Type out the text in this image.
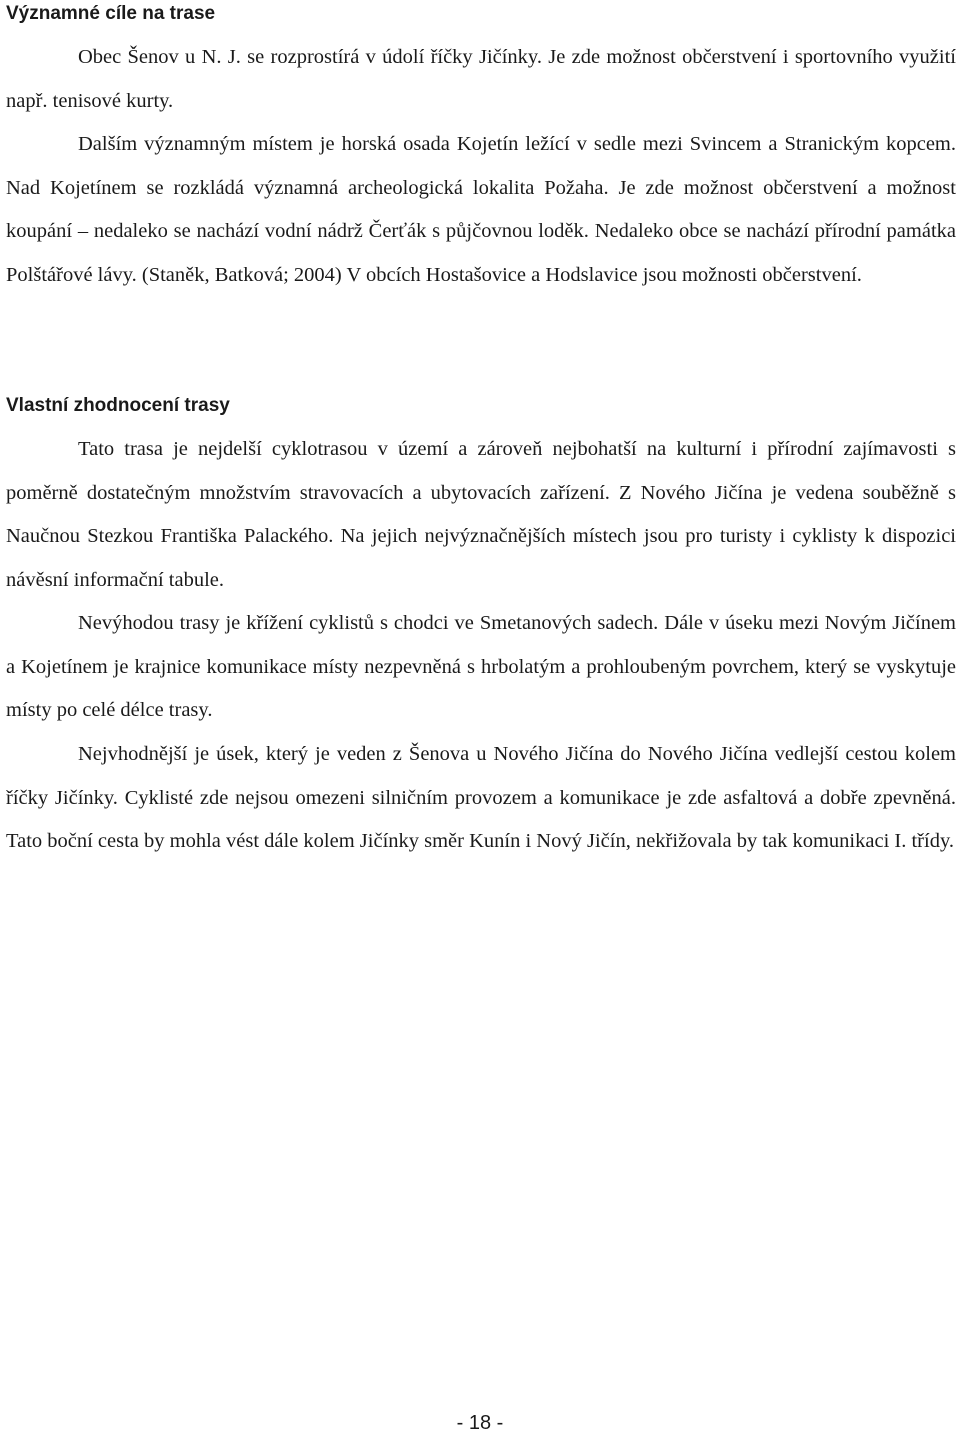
Významné cíle na trase

Obec Šenov u N. J. se rozprostírá v údolí říčky Jičínky. Je zde možnost občerstvení i sportovního využití např. tenisové kurty.

Dalším významným místem je horská osada Kojetín ležící v sedle mezi Svincem a Stranickým kopcem. Nad Kojetínem se rozkládá významná archeologická lokalita Požaha. Je zde možnost občerstvení a možnost koupání – nedaleko se nachází vodní nádrž Čerťák s půjčovnou loděk. Nedaleko obce se nachází přírodní památka Polštářové lávy. (Staněk, Batková; 2004) V obcích Hostašovice a Hodslavice jsou možnosti občerstvení.

Vlastní zhodnocení trasy

Tato trasa je nejdelší cyklotrasou v území a zároveň nejbohatší na kulturní i přírodní zajímavosti s poměrně dostatečným množstvím stravovacích a ubytovacích zařízení. Z Nového Jičína je vedena souběžně s Naučnou Stezkou Františka Palackého. Na jejich nejvýznačnějších místech jsou pro turisty i cyklisty k dispozici návěsní informační tabule.

Nevýhodou trasy je křížení cyklistů s chodci ve Smetanových sadech. Dále v úseku mezi Novým Jičínem a Kojetínem je krajnice komunikace místy nezpevněná s hrbolatým a prohloubeným povrchem, který se vyskytuje místy po celé délce trasy.

Nejvhodnější je úsek, který je veden z Šenova u Nového Jičína do Nového Jičína vedlejší cestou kolem říčky Jičínky. Cyklisté zde nejsou omezeni silničním provozem a komunikace je zde asfaltová a dobře zpevněná. Tato boční cesta by mohla vést dále kolem Jičínky směr Kunín i Nový Jičín, nekřižovala by tak komunikaci I. třídy.

- 18 -
